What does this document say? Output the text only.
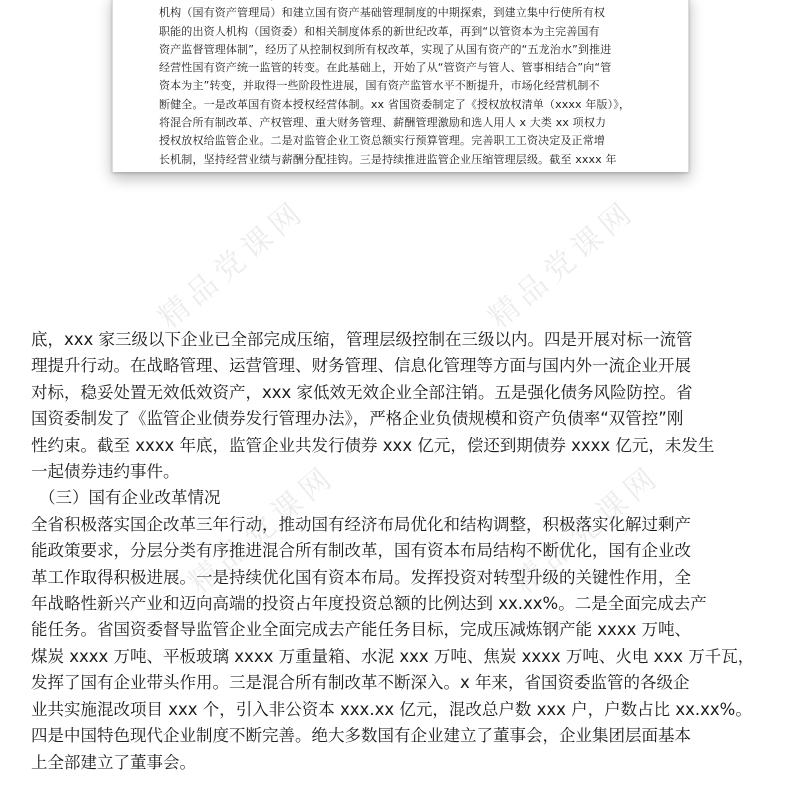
机构（国有资产管理局）和建立国有资产基础管理制度的中期探索，到建立集中行使所有权
职能的出资人机构（国资委）和相关制度体系的新世纪改革，再到“以管资本为主完善国有
资产监督管理体制”，经历了从控制权到所有权改革，实现了从国有资产的“五龙治水”到推进
经营性国有资产统一监管的转变。在此基础上，开始了从“管资产与管人、管事相结合”向“管
资本为主”转变，并取得一些阶段性进展，国有资产监管水平不断提升，市场化经营机制不
断健全。一是改革国有资本授权经营体制。xx 省国资委制定了《授权放权清单（xxxx 年版）》，
将混合所有制改革、产权管理、重大财务管理、薪酬管理激励和选人用人 x 大类 xx 项权力
授权放权给监管企业。二是对监管企业工资总额实行预算管理。完善职工工资决定及正常增
长机制，坚持经营业绩与薪酬分配挂钩。三是持续推进监管企业压缩管理层级。截至 xxxx 年
精品党课网	精品党课网
精品党课网	精品党课网
底，xxx 家三级以下企业已全部完成压缩，管理层级控制在三级以内。四是开展对标一流管
理提升行动。在战略管理、运营管理、财务管理、信息化管理等方面与国内外一流企业开展
对标，稳妥处置无效低效资产，xxx 家低效无效企业全部注销。五是强化债务风险防控。省
国资委制发了《监管企业债券发行管理办法》，严格企业负债规模和资产负债率“双管控”刚
性约束。截至 xxxx 年底，监管企业共发行债券 xxx 亿元，偿还到期债券 xxxx 亿元，未发生
一起债券违约事件。
（三）国有企业改革情况
全省积极落实国企改革三年行动，推动国有经济布局优化和结构调整，积极落实化解过剩产
能政策要求，分层分类有序推进混合所有制改革，国有资本布局结构不断优化，国有企业改
革工作取得积极进展。一是持续优化国有资本布局。发挥投资对转型升级的关键性作用，全
年战略性新兴产业和迈向高端的投资占年度投资总额的比例达到 xx.xx%。二是全面完成去产
能任务。省国资委督导监管企业全面完成去产能任务目标，完成压减炼钢产能 xxxx 万吨、
煤炭 xxxx 万吨、平板玻璃 xxxx 万重量箱、水泥 xxx 万吨、焦炭 xxxx 万吨、火电 xxx 万千瓦，
发挥了国有企业带头作用。三是混合所有制改革不断深入。x 年来，省国资委监管的各级企
业共实施混改项目 xxx 个，引入非公资本 xxx.xx 亿元，混改总户数 xxx 户，户数占比 xx.xx%。
四是中国特色现代企业制度不断完善。绝大多数国有企业建立了董事会，企业集团层面基本
上全部建立了董事会。
